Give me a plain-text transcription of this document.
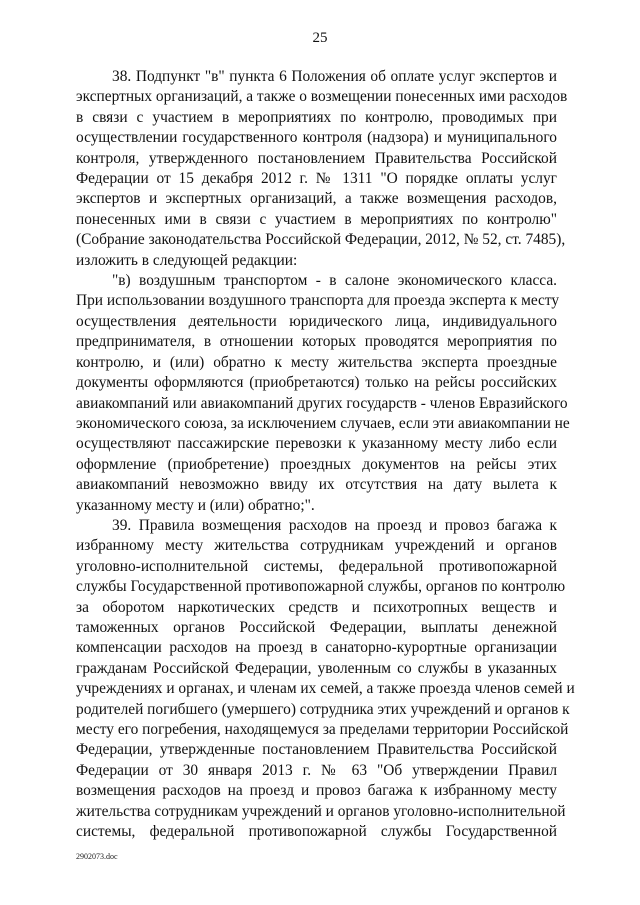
25
38. Подпункт "в" пункта 6 Положения об оплате услуг экспертов и
экспертных организаций, а также о возмещении понесенных ими расходов
в связи с участием в мероприятиях по контролю, проводимых при
осуществлении государственного контроля (надзора) и муниципального
контроля, утвержденного постановлением Правительства Российской
Федерации от 15 декабря 2012 г. № 1311 "О порядке оплаты услуг
экспертов и экспертных организаций, а также возмещения расходов,
понесенных ими в связи с участием в мероприятиях по контролю"
(Собрание законодательства Российской Федерации, 2012, № 52, ст. 7485),
изложить в следующей редакции:
"в) воздушным транспортом - в салоне экономического класса.
При использовании воздушного транспорта для проезда эксперта к месту
осуществления деятельности юридического лица, индивидуального
предпринимателя, в отношении которых проводятся мероприятия по
контролю, и (или) обратно к месту жительства эксперта проездные
документы оформляются (приобретаются) только на рейсы российских
авиакомпаний или авиакомпаний других государств - членов Евразийского
экономического союза, за исключением случаев, если эти авиакомпании не
осуществляют пассажирские перевозки к указанному месту либо если
оформление (приобретение) проездных документов на рейсы этих
авиакомпаний невозможно ввиду их отсутствия на дату вылета к
указанному месту и (или) обратно;".
39. Правила возмещения расходов на проезд и провоз багажа к
избранному месту жительства сотрудникам учреждений и органов
уголовно-исполнительной системы, федеральной противопожарной
службы Государственной противопожарной службы, органов по контролю
за оборотом наркотических средств и психотропных веществ и
таможенных органов Российской Федерации, выплаты денежной
компенсации расходов на проезд в санаторно-курортные организации
гражданам Российской Федерации, уволенным со службы в указанных
учреждениях и органах, и членам их семей, а также проезда членов семей и
родителей погибшего (умершего) сотрудника этих учреждений и органов к
месту его погребения, находящемуся за пределами территории Российской
Федерации, утвержденные постановлением Правительства Российской
Федерации от 30 января 2013 г. № 63 "Об утверждении Правил
возмещения расходов на проезд и провоз багажа к избранному месту
жительства сотрудникам учреждений и органов уголовно-исполнительной
системы, федеральной противопожарной службы Государственной
2902073.doc
